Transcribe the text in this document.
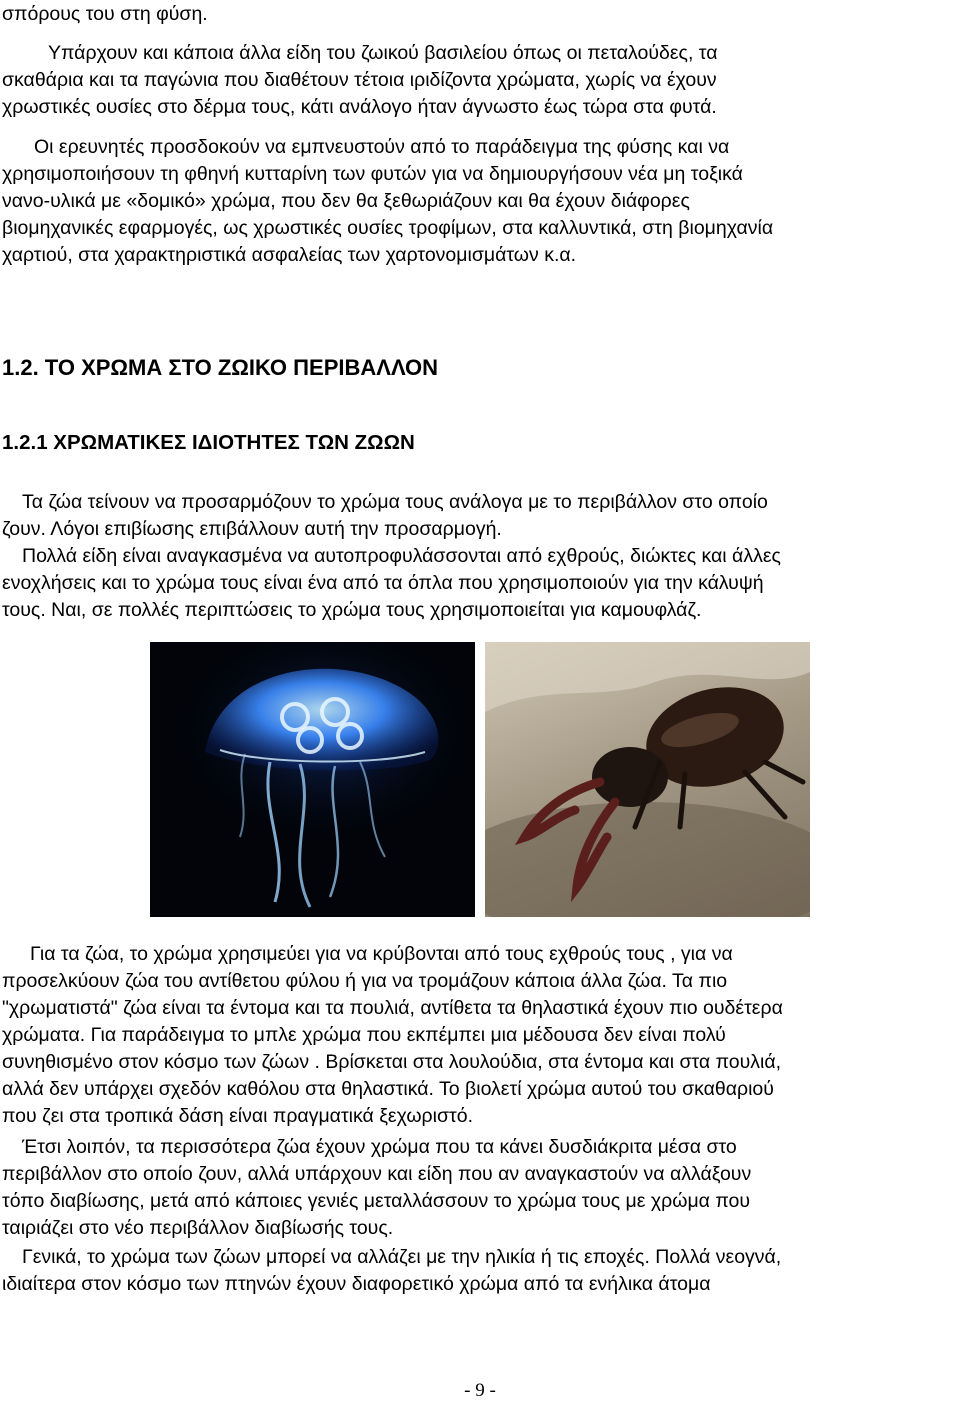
σπόρους του στη φύση.
Υπάρχουν και κάποια άλλα είδη του ζωικού βασιλείου όπως οι πεταλούδες, τα
σκαθάρια και τα παγώνια που διαθέτουν τέτοια ιριδίζοντα χρώματα, χωρίς να έχουν
χρωστικές ουσίες στο δέρμα τους, κάτι ανάλογο ήταν άγνωστο έως τώρα στα φυτά.
Οι ερευνητές προσδοκούν να εμπνευστούν από το παράδειγμα της φύσης και να
χρησιμοποιήσουν τη φθηνή κυτταρίνη των φυτών για να δημιουργήσουν νέα μη τοξικά
νανο-υλικά με «δομικό» χρώμα, που δεν θα ξεθωριάζουν και θα έχουν διάφορες
βιομηχανικές εφαρμογές, ως χρωστικές ουσίες τροφίμων, στα καλλυντικά, στη βιομηχανία
χαρτιού, στα χαρακτηριστικά ασφαλείας των χαρτονομισμάτων κ.α.
1.2. ΤΟ ΧΡΩΜΑ ΣΤΟ ΖΩΙΚΟ ΠΕΡΙΒΑΛΛΟΝ
1.2.1 ΧΡΩΜΑΤΙΚΕΣ ΙΔΙΟΤΗΤΕΣ ΤΩΝ ΖΩΩΝ
Τα ζώα τείνουν να προσαρμόζουν το χρώμα τους ανάλογα με το περιβάλλον στο οποίο
ζουν. Λόγοι επιβίωσης επιβάλλουν αυτή την προσαρμογή.
Πολλά είδη είναι αναγκασμένα να αυτοπροφυλάσσονται από εχθρούς, διώκτες και άλλες
ενοχλήσεις και το χρώμα τους είναι ένα από τα όπλα που χρησιμοποιούν για την κάλυψή
τους. Ναι, σε πολλές περιπτώσεις το χρώμα τους χρησιμοποιείται για καμουφλάζ.
Για τα ζώα, το χρώμα χρησιμεύει για να κρύβονται από τους εχθρούς τους , για να
προσελκύουν ζώα του αντίθετου φύλου ή για να τρομάζουν κάποια άλλα ζώα. Τα πιο
"χρωματιστά" ζώα είναι τα έντομα και τα πουλιά, αντίθετα τα θηλαστικά έχουν πιο ουδέτερα
χρώματα. Για παράδειγμα το μπλε χρώμα που εκπέμπει μια μέδουσα δεν είναι πολύ
συνηθισμένο στον κόσμο των ζώων . Βρίσκεται στα λουλούδια, στα έντομα και στα πουλιά,
αλλά δεν υπάρχει σχεδόν καθόλου στα θηλαστικά. Το βιολετί χρώμα αυτού του σκαθαριού
που ζει στα τροπικά δάση είναι πραγματικά ξεχωριστό.
Έτσι λοιπόν, τα περισσότερα ζώα έχουν χρώμα που τα κάνει δυσδιάκριτα μέσα στο
περιβάλλον στο οποίο ζουν, αλλά υπάρχουν και είδη που αν αναγκαστούν να αλλάξουν
τόπο διαβίωσης, μετά από κάποιες γενιές μεταλλάσσουν το χρώμα τους με χρώμα που
ταιριάζει στο νέο περιβάλλον διαβίωσής τους.
Γενικά, το χρώμα των ζώων μπορεί να αλλάζει με την ηλικία ή τις εποχές. Πολλά νεογνά,
ιδιαίτερα στον κόσμο των πτηνών έχουν διαφορετικό χρώμα από τα ενήλικα άτομα
- 9 -
